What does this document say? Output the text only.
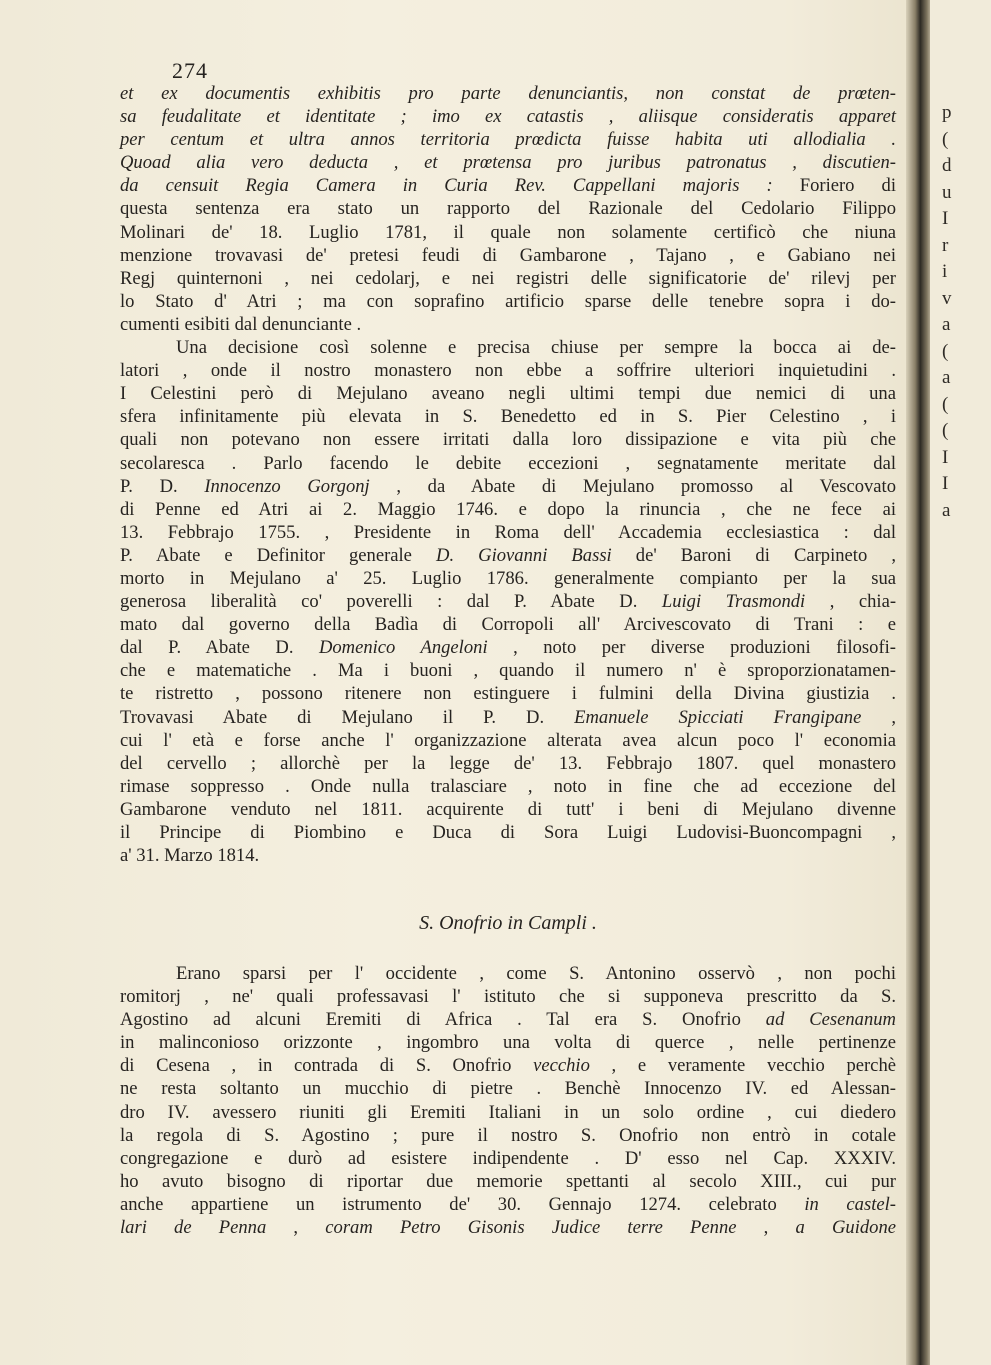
p
(
d
u
I
r
i
v
a
(
a
(
(
I
I
a
274
et ex documentis exhibitis pro parte denunciantis, non constat de prœten-
sa feudalitate et identitate ; imo ex catastis , aliisque consideratis apparet
per centum et ultra annos territoria prœdicta fuisse habita uti allodialia .
Quoad alia vero deducta , et prœtensa pro juribus patronatus , discutien-
da censuit Regia Camera in Curia Rev. Cappellani majoris : Foriero di
questa sentenza era stato un rapporto del Razionale del Cedolario Filippo
Molinari de' 18. Luglio 1781, il quale non solamente certificò che niuna
menzione trovavasi de' pretesi feudi di Gambarone , Tajano , e Gabiano nei
Regj quinternoni , nei cedolarj, e nei registri delle significatorie de' rilevj per
lo Stato d' Atri ; ma con soprafino artificio sparse delle tenebre sopra i do-
cumenti esibiti dal denunciante .
Una decisione così solenne e precisa chiuse per sempre la bocca ai de-
latori , onde il nostro monastero non ebbe a soffrire ulteriori inquietudini .
I Celestini però di Mejulano aveano negli ultimi tempi due nemici di una
sfera infinitamente più elevata in S. Benedetto ed in S. Pier Celestino , i
quali non potevano non essere irritati dalla loro dissipazione e vita più che
secolaresca . Parlo facendo le debite eccezioni , segnatamente meritate dal
P. D. Innocenzo Gorgonj , da Abate di Mejulano promosso al Vescovato
di Penne ed Atri ai 2. Maggio 1746. e dopo la rinuncia , che ne fece ai
13. Febbrajo 1755. , Presidente in Roma dell' Accademia ecclesiastica : dal
P. Abate e Definitor generale D. Giovanni Bassi de' Baroni di Carpineto ,
morto in Mejulano a' 25. Luglio 1786. generalmente compianto per la sua
generosa liberalità co' poverelli : dal P. Abate D. Luigi Trasmondi , chia-
mato dal governo della Badìa di Corropoli all' Arcivescovato di Trani : e
dal P. Abate D. Domenico Angeloni , noto per diverse produzioni filosofi-
che e matematiche . Ma i buoni , quando il numero n' è sproporzionatamen-
te ristretto , possono ritenere non estinguere i fulmini della Divina giustizia .
Trovavasi Abate di Mejulano il P. D. Emanuele Spicciati Frangipane ,
cui l' età e forse anche l' organizzazione alterata avea alcun poco l' economia
del cervello ; allorchè per la legge de' 13. Febbrajo 1807. quel monastero
rimase soppresso . Onde nulla tralasciare , noto in fine che ad eccezione del
Gambarone venduto nel 1811. acquirente di tutt' i beni di Mejulano divenne
il Principe di Piombino e Duca di Sora Luigi Ludovisi-Buoncompagni ,
a' 31. Marzo 1814.
S. Onofrio in Campli .
Erano sparsi per l' occidente , come S. Antonino osservò , non pochi
romitorj , ne' quali professavasi l' istituto che si supponeva prescritto da S.
Agostino ad alcuni Eremiti di Africa . Tal era S. Onofrio ad Cesenanum
in malinconioso orizzonte , ingombro una volta di querce , nelle pertinenze
di Cesena , in contrada di S. Onofrio vecchio , e veramente vecchio perchè
ne resta soltanto un mucchio di pietre . Benchè Innocenzo IV. ed Alessan-
dro IV. avessero riuniti gli Eremiti Italiani in un solo ordine , cui diedero
la regola di S. Agostino ; pure il nostro S. Onofrio non entrò in cotale
congregazione e durò ad esistere indipendente . D' esso nel Cap. XXXIV.
ho avuto bisogno di riportar due memorie spettanti al secolo XIII., cui pur
anche appartiene un istrumento de' 30. Gennajo 1274. celebrato in castel-
lari de Penna , coram Petro Gisonis Judice terre Penne , a Guidone
